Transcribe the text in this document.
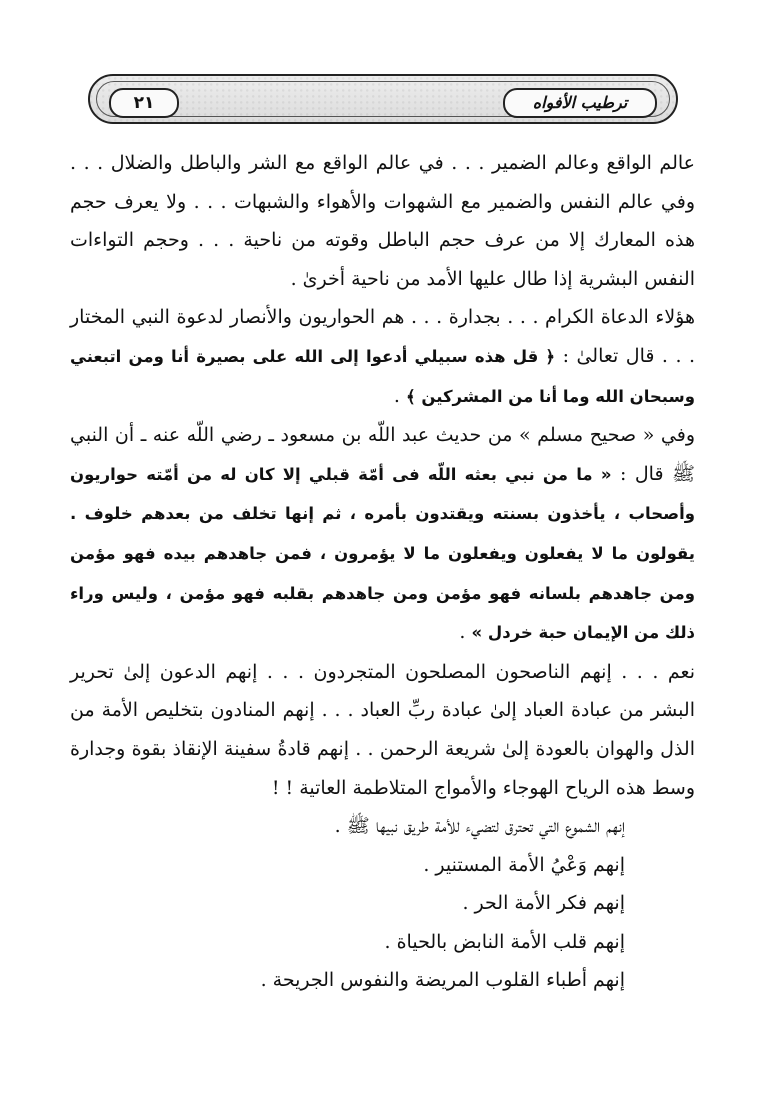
٢١	ترطيب الأفواه

عالم الواقع وعالم الضمير . . . في عالم الواقع مع الشر والباطل والضلال . . . وفي عالم النفس والضمير مع الشهوات والأهواء والشبهات . . . ولا يعرف حجم هذه المعارك إلا من عرف حجم الباطل وقوته من ناحية . . . وحجم التواءات النفس البشرية إذا طال عليها الأمد من ناحية أخرىٰ .

هؤلاء الدعاة الكرام . . . بجدارة . . . هم الحواريون والأنصار لدعوة النبي المختار . . . قال تعالىٰ : ﴿ قل هذه سبيلي أدعوا إلى الله على بصيرة أنا ومن اتبعني وسبحان الله وما أنا من المشركين ﴾ .

وفي « صحيح مسلم » من حديث عبد اللّه بن مسعود ـ رضي اللّه عنه ـ أن النبي ﷺ قال : « ما من نبي بعثه اللّه فى أمّة قبلي إلا كان له من أمّته حواريون وأصحاب ، يأخذون بسنته ويقتدون بأمره ، ثم إنها تخلف من بعدهم خلوف . يقولون ما لا يفعلون ويفعلون ما لا يؤمرون ، فمن جاهدهم بيده فهو مؤمن ومن جاهدهم بلسانه فهو مؤمن ومن جاهدهم بقلبه فهو مؤمن ، وليس وراء ذلك من الإيمان حبة خردل » .

نعم . . . إنهم الناصحون المصلحون المتجردون . . . إنهم الدعون إلىٰ تحرير البشر من عبادة العباد إلىٰ عبادة ربِّ العباد . . . إنهم المنادون بتخليص الأمة من الذل والهوان بالعودة إلىٰ شريعة الرحمن . . إنهم قادةُ سفينة الإنقاذ بقوة وجدارة وسط هذه الرياح الهوجاء والأمواج المتلاطمة العاتية ! !

إنهم الشموع التي تحترق لتضيء للأمة طريق نبيها ﷺ .
إنهم وَعْيُ الأمة المستنير .
إنهم فكر الأمة الحر .
إنهم قلب الأمة النابض بالحياة .
إنهم أطباء القلوب المريضة والنفوس الجريحة .
